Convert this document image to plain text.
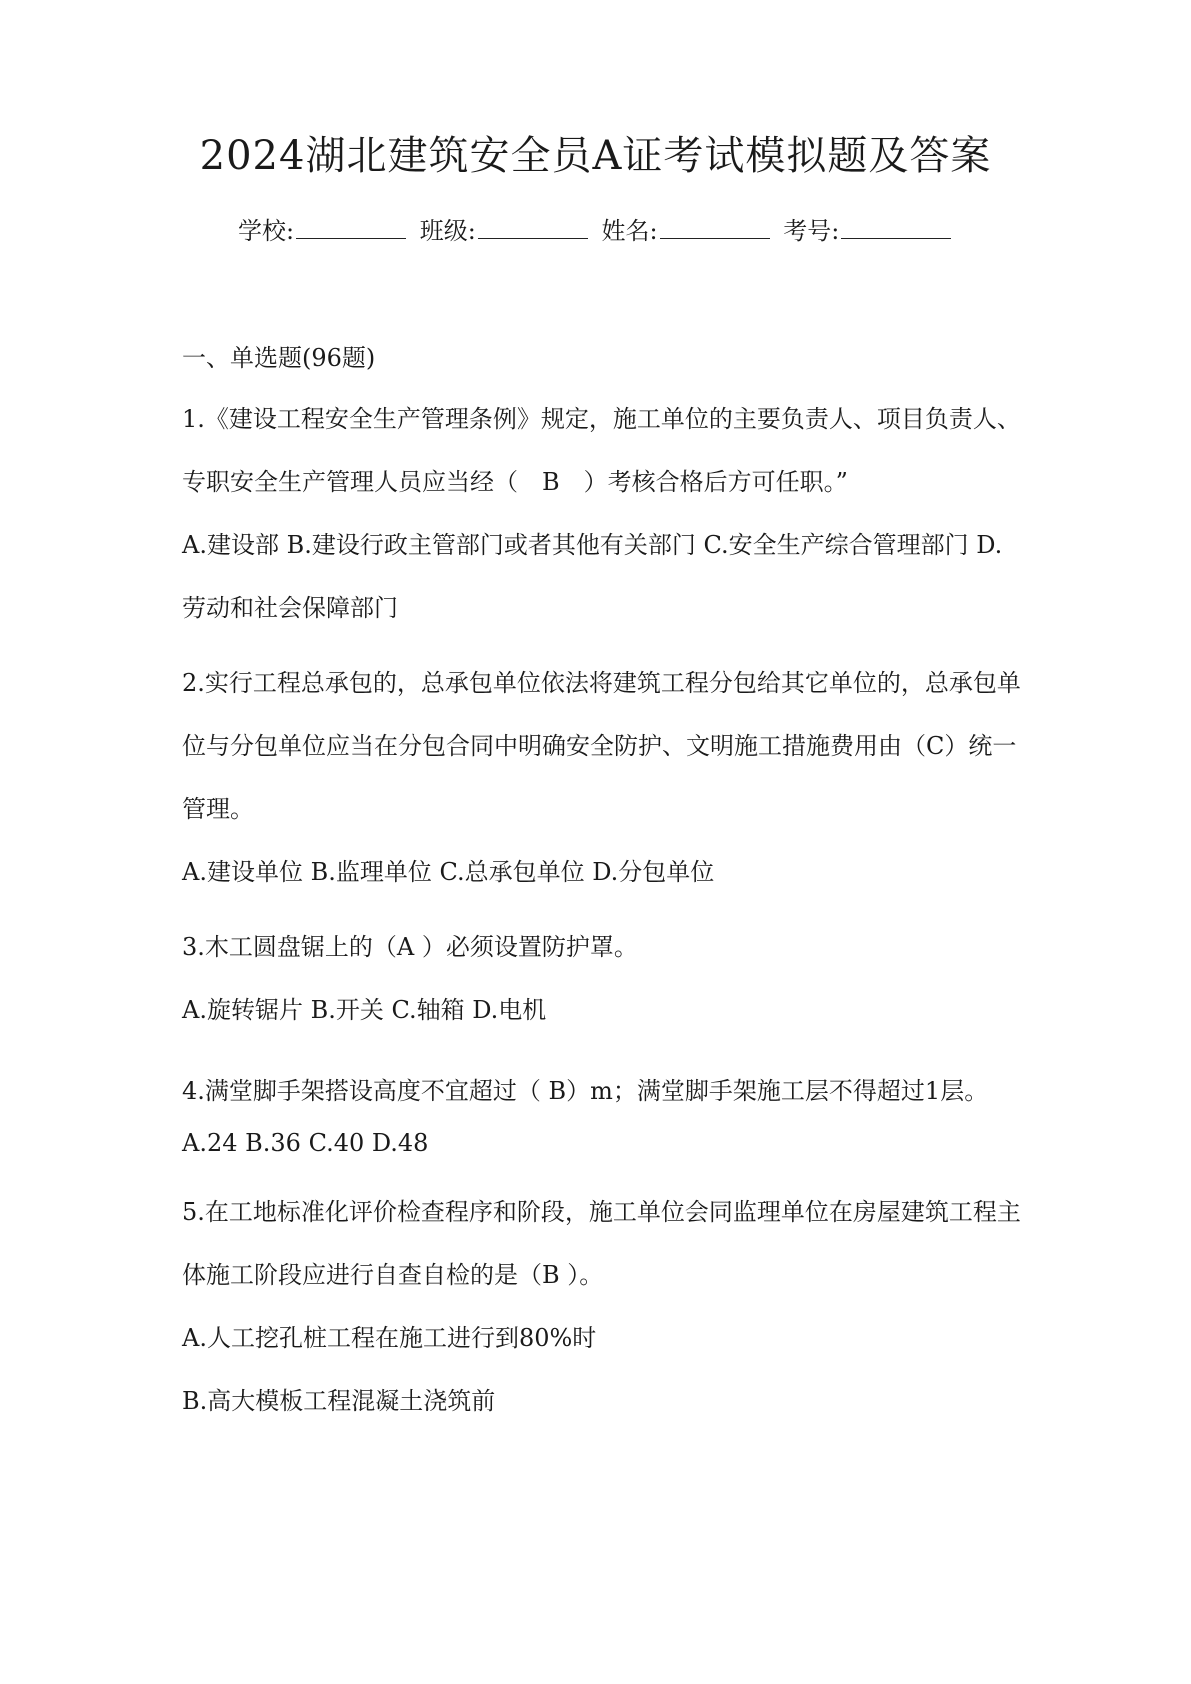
2024湖北建筑安全员A证考试模拟题及答案
学校:	班级:	姓名:	考号:

一、单选题(96题)

1.《建设工程安全生产管理条例》规定，施工单位的主要负责人、项目负责人、专职安全生产管理人员应当经（　B　）考核合格后方可任职。”

A.建设部 B.建设行政主管部门或者其他有关部门 C.安全生产综合管理部门 D.劳动和社会保障部门

2.实行工程总承包的，总承包单位依法将建筑工程分包给其它单位的，总承包单位与分包单位应当在分包合同中明确安全防护、文明施工措施费用由（C）统一管理。

A.建设单位 B.监理单位 C.总承包单位 D.分包单位

3.木工圆盘锯上的（A ）必须设置防护罩。

A.旋转锯片 B.开关 C.轴箱 D.电机

4.满堂脚手架搭设高度不宜超过（ B）m；满堂脚手架施工层不得超过1层。

A.24 B.36 C.40 D.48

5.在工地标准化评价检查程序和阶段，施工单位会同监理单位在房屋建筑工程主体施工阶段应进行自查自检的是（B ）。

A.人工挖孔桩工程在施工进行到80%时

B.高大模板工程混凝土浇筑前
